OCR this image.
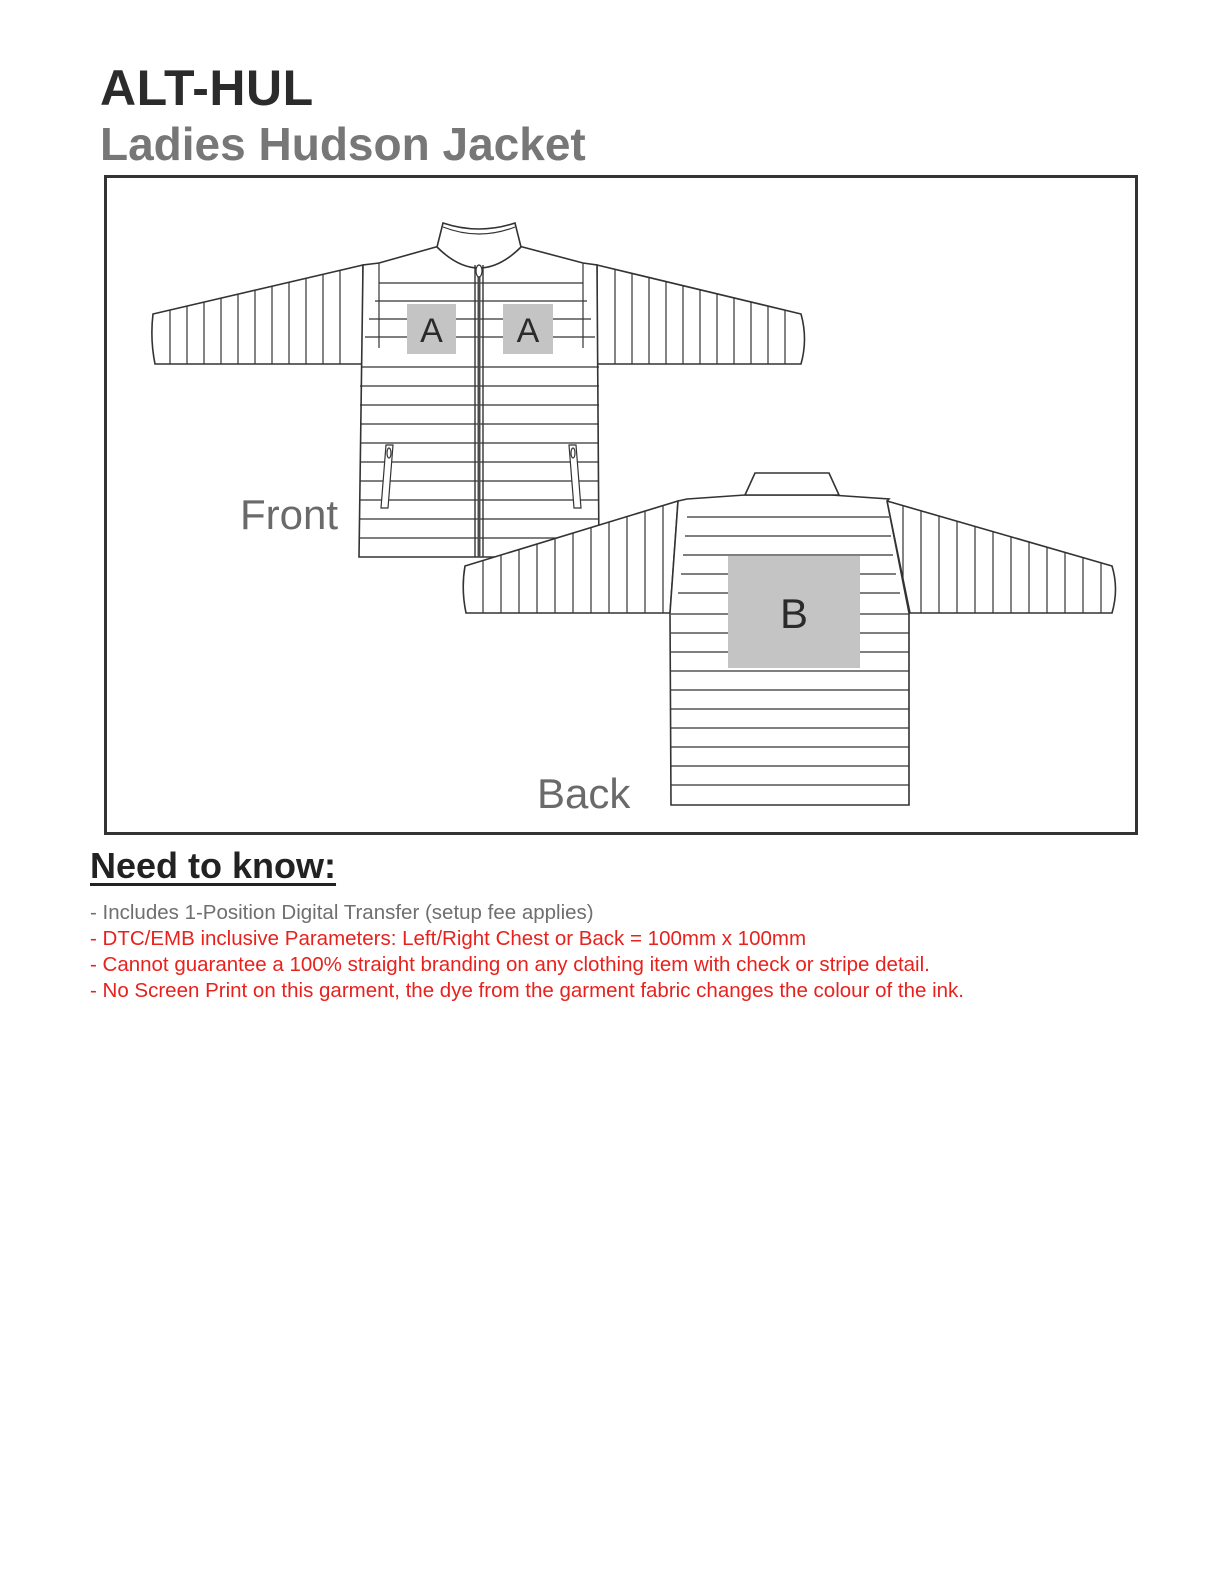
ALT-HUL
Ladies Hudson Jacket
A A
Front
B
Back
Need to know:
- Includes 1-Position Digital Transfer (setup fee applies)
- DTC/EMB inclusive Parameters: Left/Right Chest or Back = 100mm x 100mm
- Cannot guarantee a 100% straight branding on any clothing item with check or stripe detail.
- No Screen Print on this garment, the dye from the garment fabric changes the colour of the ink.
